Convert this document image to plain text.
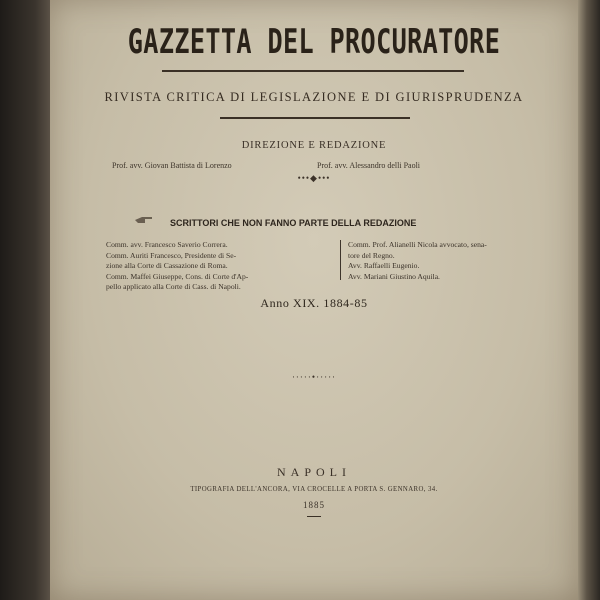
GAZZETTA DEL PROCURATORE
RIVISTA CRITICA DI LEGISLAZIONE E DI GIURISPRUDENZA
DIREZIONE E REDAZIONE
Prof. avv. Giovan Battista di Lorenzo	Prof. avv. Alessandro delli Paoli
•••◆•••
SCRITTORI CHE NON FANNO PARTE DELLA REDAZIONE
Comm. avv. Francesco Saverio Correra.
Comm. Auriti Francesco, Presidente di Se-
zione alla Corte di Cassazione di Roma.
Comm. Maffei Giuseppe, Cons. di Corte d'Ap-
pello applicato alla Corte di Cass. di Napoli.
Comm. Prof. Alianelli Nicola avvocato, sena-
tore del Regno.
Avv. Raffaelli Eugenio.
Avv. Mariani Giustino Aquila.
Anno XIX. 1884-85
·····•·····
NAPOLI
TIPOGRAFIA DELL'ANCORA, VIA CROCELLE A PORTA S. GENNARO, 34.
1885
